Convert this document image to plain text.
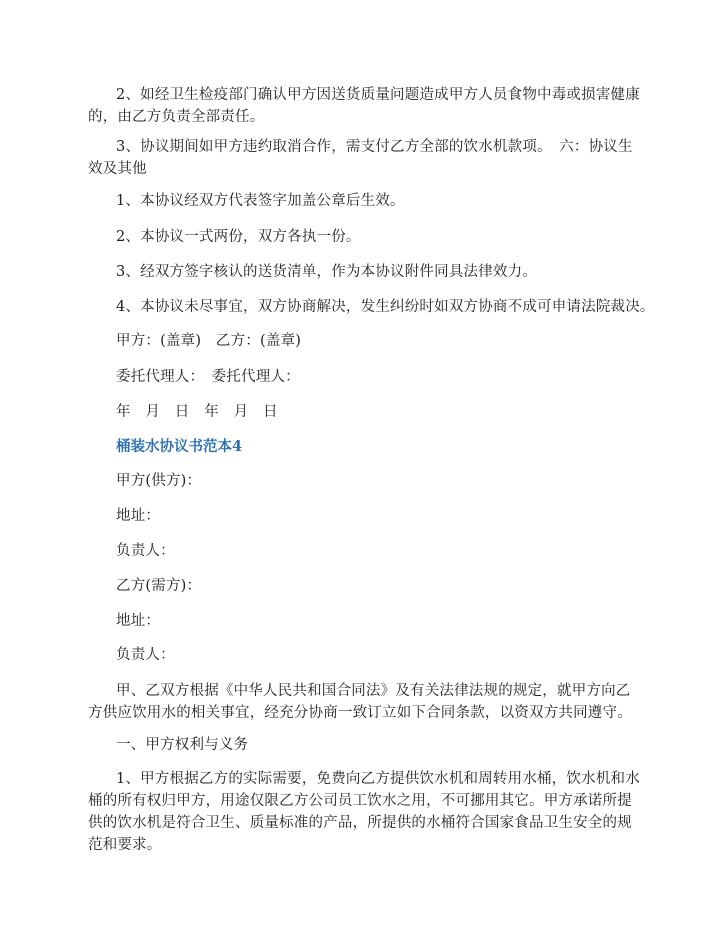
2、如经卫生检疫部门确认甲方因送货质量问题造成甲方人员食物中毒或损害健康的，由乙方负责全部责任。
3、协议期间如甲方违约取消合作，需支付乙方全部的饮水机款项。　六：协议生效及其他
1、本协议经双方代表签字加盖公章后生效。
2、本协议一式两份，双方各执一份。
3、经双方签字核认的送货清单，作为本协议附件同具法律效力。
4、本协议未尽事宜，双方协商解决，发生纠纷时如双方协商不成可申请法院裁决。
甲方：(盖章)　乙方：(盖章)
委托代理人：　委托代理人：
年　月　日　年　月　日
桶装水协议书范本4
甲方(供方)：
地址：
负责人：
乙方(需方)：
地址：
负责人：
甲、乙双方根据《中华人民共和国合同法》及有关法律法规的规定，就甲方向乙方供应饮用水的相关事宜，经充分协商一致订立如下合同条款，以资双方共同遵守。
一、甲方权利与义务
1、甲方根据乙方的实际需要，免费向乙方提供饮水机和周转用水桶，饮水机和水桶的所有权归甲方，用途仅限乙方公司员工饮水之用，不可挪用其它。甲方承诺所提供的饮水机是符合卫生、质量标准的产品，所提供的水桶符合国家食品卫生安全的规范和要求。
